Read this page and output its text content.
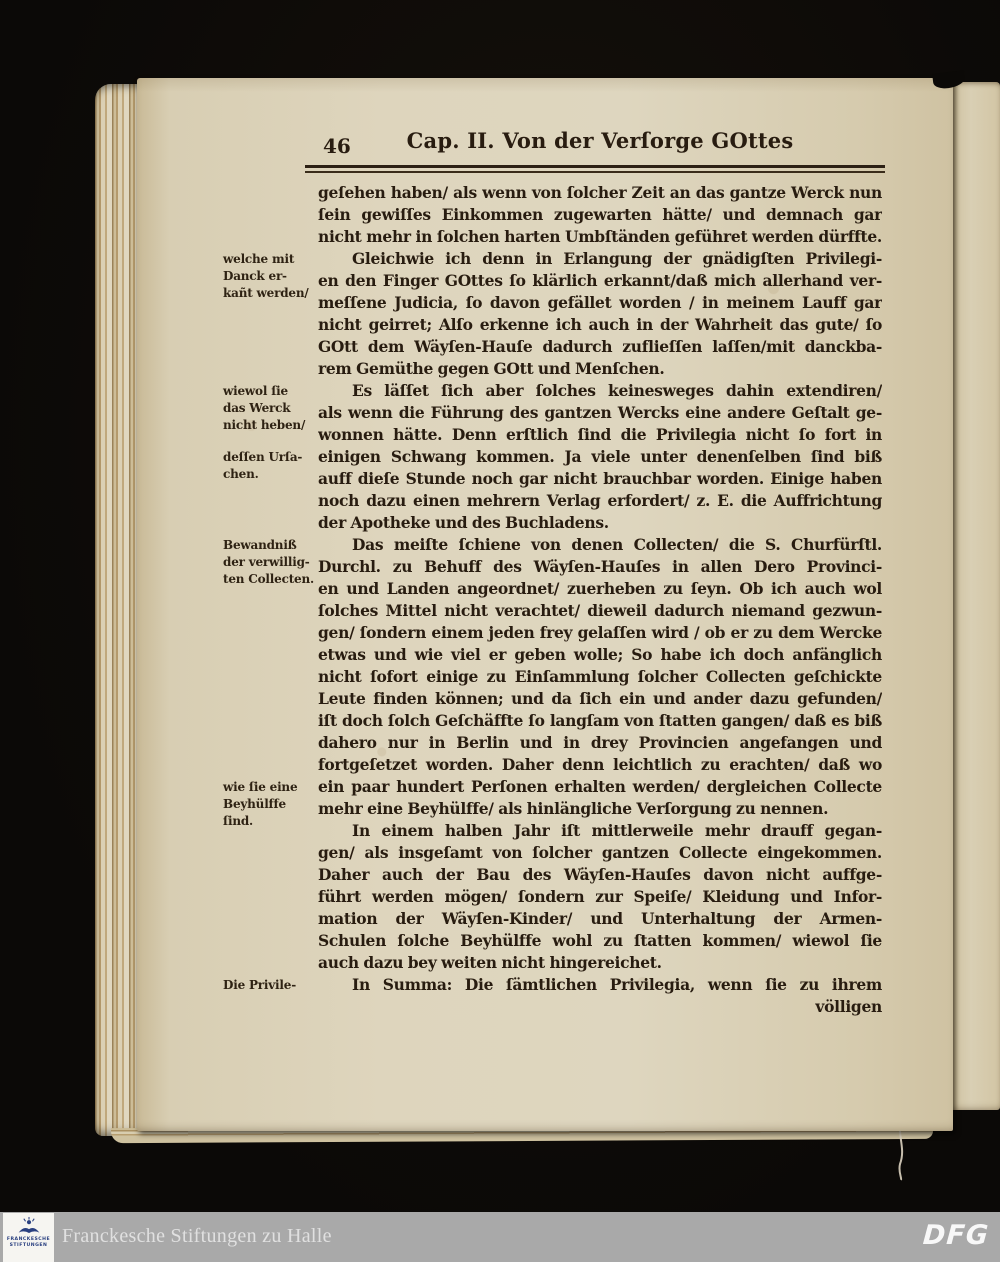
46	Cap. II. Von der Verſorge GOttes
geſehen haben/ als wenn von ſolcher Zeit an das gantze Werck nun
ſein gewiſſes Einkommen zugewarten hätte/ und demnach gar
nicht mehr in ſolchen harten Umbſtänden geführet werden dürffte.
Gleichwie ich denn in Erlangung der gnädigſten Privilegi-
en den Finger GOttes ſo klärlich erkannt/daß mich allerhand ver-
meſſene Judicia, ſo davon gefället worden / in meinem Lauff gar
nicht geirret; Alſo erkenne ich auch in der Wahrheit das gute/ ſo
GOtt dem Wäyſen-Hauſe dadurch zuflieſſen laſſen/mit danckba-
rem Gemüthe gegen GOtt und Menſchen.
Es läſſet ſich aber ſolches keinesweges dahin extendiren/
als wenn die Führung des gantzen Wercks eine andere Geſtalt ge-
wonnen hätte. Denn erſtlich ſind die Privilegia nicht ſo fort in
einigen Schwang kommen. Ja viele unter denenſelben ſind biß
auff dieſe Stunde noch gar nicht brauchbar worden. Einige haben
noch dazu einen mehrern Verlag erfordert/ z. E. die Auffrichtung
der Apotheke und des Buchladens.
Das meiſte ſchiene von denen Collecten/ die S. Churfürſtl.
Durchl. zu Behuff des Wäyſen-Hauſes in allen Dero Provinci-
en und Landen angeordnet/ zuerheben zu ſeyn. Ob ich auch wol
ſolches Mittel nicht verachtet/ dieweil dadurch niemand gezwun-
gen/ ſondern einem jeden frey gelaſſen wird / ob er zu dem Wercke
etwas und wie viel er geben wolle; So habe ich doch anfänglich
nicht ſofort einige zu Einſammlung ſolcher Collecten geſchickte
Leute finden können; und da ſich ein und ander dazu gefunden/
iſt doch ſolch Geſchäffte ſo langſam von ſtatten gangen/ daß es biß
dahero nur in Berlin und in drey Provincien angefangen und
fortgeſetzet worden. Daher denn leichtlich zu erachten/ daß wo
ein paar hundert Perſonen erhalten werden/ dergleichen Collecte
mehr eine Beyhülffe/ als hinlängliche Verſorgung zu nennen.
In einem halben Jahr iſt mittlerweile mehr drauff gegan-
gen/ als insgeſamt von ſolcher gantzen Collecte eingekommen.
Daher auch der Bau des Wäyſen-Hauſes davon nicht auffge-
führt werden mögen/ ſondern zur Speiſe/ Kleidung und Infor-
mation der Wäyſen-Kinder/ und Unterhaltung der Armen-
Schulen ſolche Beyhülffe wohl zu ſtatten kommen/ wiewol ſie
auch dazu bey weiten nicht hingereichet.
In Summa: Die ſämtlichen Privilegia, wenn ſie zu ihrem
völligen
welche mit
Danck er-
kañt werden/
wiewol ſie
das Werck
nicht heben/
deſſen Urſa-
chen.
Bewandniß
der verwillig-
ten Collecten.
wie ſie eine
Beyhülffe
ſind.
Die Privile-
FRANCKESCHE
STIFTUNGEN Franckesche Stiftungen zu Halle	DFG
